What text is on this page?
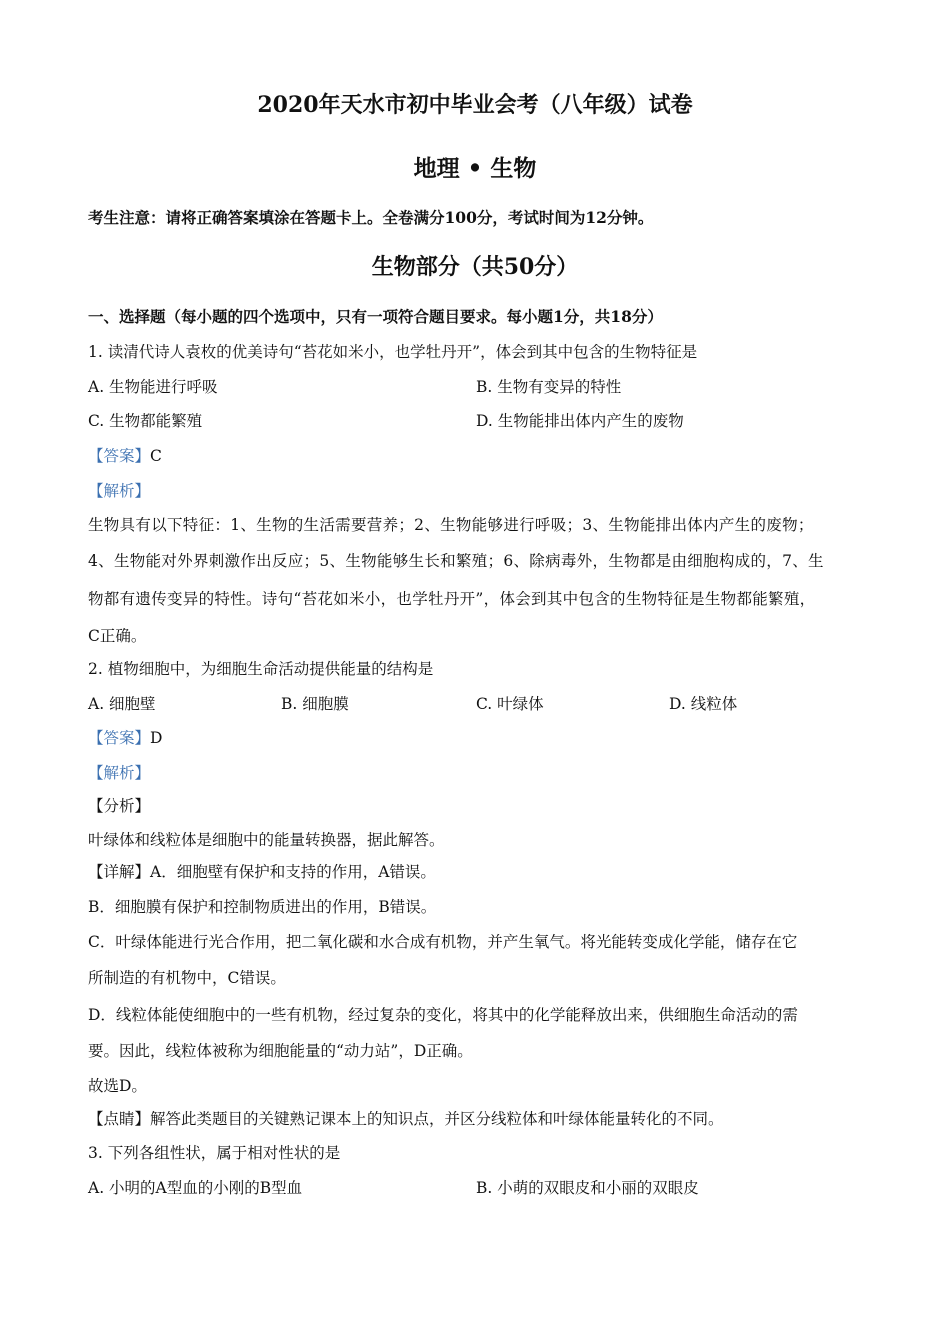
2020年天水市初中毕业会考（八年级）试卷
地理 • 生物
考生注意：请将正确答案填涂在答题卡上。全卷满分100分，考试时间为12分钟。
生物部分（共50分）
一、选择题（每小题的四个选项中，只有一项符合题目要求。每小题1分，共18分）
1. 读清代诗人袁枚的优美诗句“苔花如米小，也学牡丹开”，体会到其中包含的生物特征是
A. 生物能进行呼吸	B. 生物有变异的特性
C. 生物都能繁殖	D. 生物能排出体内产生的废物
【答案】C
【解析】
生物具有以下特征：1、生物的生活需要营养；2、生物能够进行呼吸；3、生物能排出体内产生的废物；
4、生物能对外界刺激作出反应；5、生物能够生长和繁殖；6、除病毒外，生物都是由细胞构成的，7、生
物都有遗传变异的特性。诗句“苔花如米小，也学牡丹开”，体会到其中包含的生物特征是生物都能繁殖，
C正确。
2. 植物细胞中，为细胞生命活动提供能量的结构是
A. 细胞壁	B. 细胞膜	C. 叶绿体	D. 线粒体
【答案】D
【解析】
【分析】
叶绿体和线粒体是细胞中的能量转换器，据此解答。
【详解】A．细胞壁有保护和支持的作用，A错误。
B．细胞膜有保护和控制物质进出的作用，B错误。
C．叶绿体能进行光合作用，把二氧化碳和水合成有机物，并产生氧气。将光能转变成化学能，储存在它
所制造的有机物中，C错误。
D．线粒体能使细胞中的一些有机物，经过复杂的变化，将其中的化学能释放出来，供细胞生命活动的需
要。因此，线粒体被称为细胞能量的“动力站”，D正确。
故选D。
【点睛】解答此类题目的关键熟记课本上的知识点，并区分线粒体和叶绿体能量转化的不同。
3. 下列各组性状，属于相对性状的是
A. 小明的A型血的小刚的B型血	B. 小萌的双眼皮和小丽的双眼皮
